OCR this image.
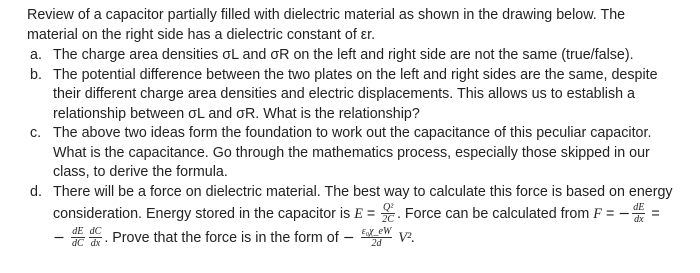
Review of a capacitor partially filled with dielectric material as shown in the drawing below. The
material on the right side has a dielectric constant of εr.

a. The charge area densities σL and σR on the left and right side are not the same (true/false).
b. The potential difference between the two plates on the left and right sides are the same, despite
their different charge area densities and electric displacements. This allows us to establish a
relationship between σL and σR. What is the relationship?
c. The above two ideas form the foundation to work out the capacitance of this peculiar capacitor.
What is the capacitance. Go through the mathematics process, especially those skipped in our
class, to derive the formula.
d. There will be a force on dielectric material. The best way to calculate this force is based on energy
consideration. Energy stored in the capacitor is $E = \frac{\text{Q²}}{2C}$ . Force can be calculated from F = − $\frac{dE}{dx}$ =
− $\frac{dE}{dC} \frac{dC}{dx}$ . Prove that the force is in the form of − $\frac{\text{ε₀χ\_eW}}{2d} V^2$.
